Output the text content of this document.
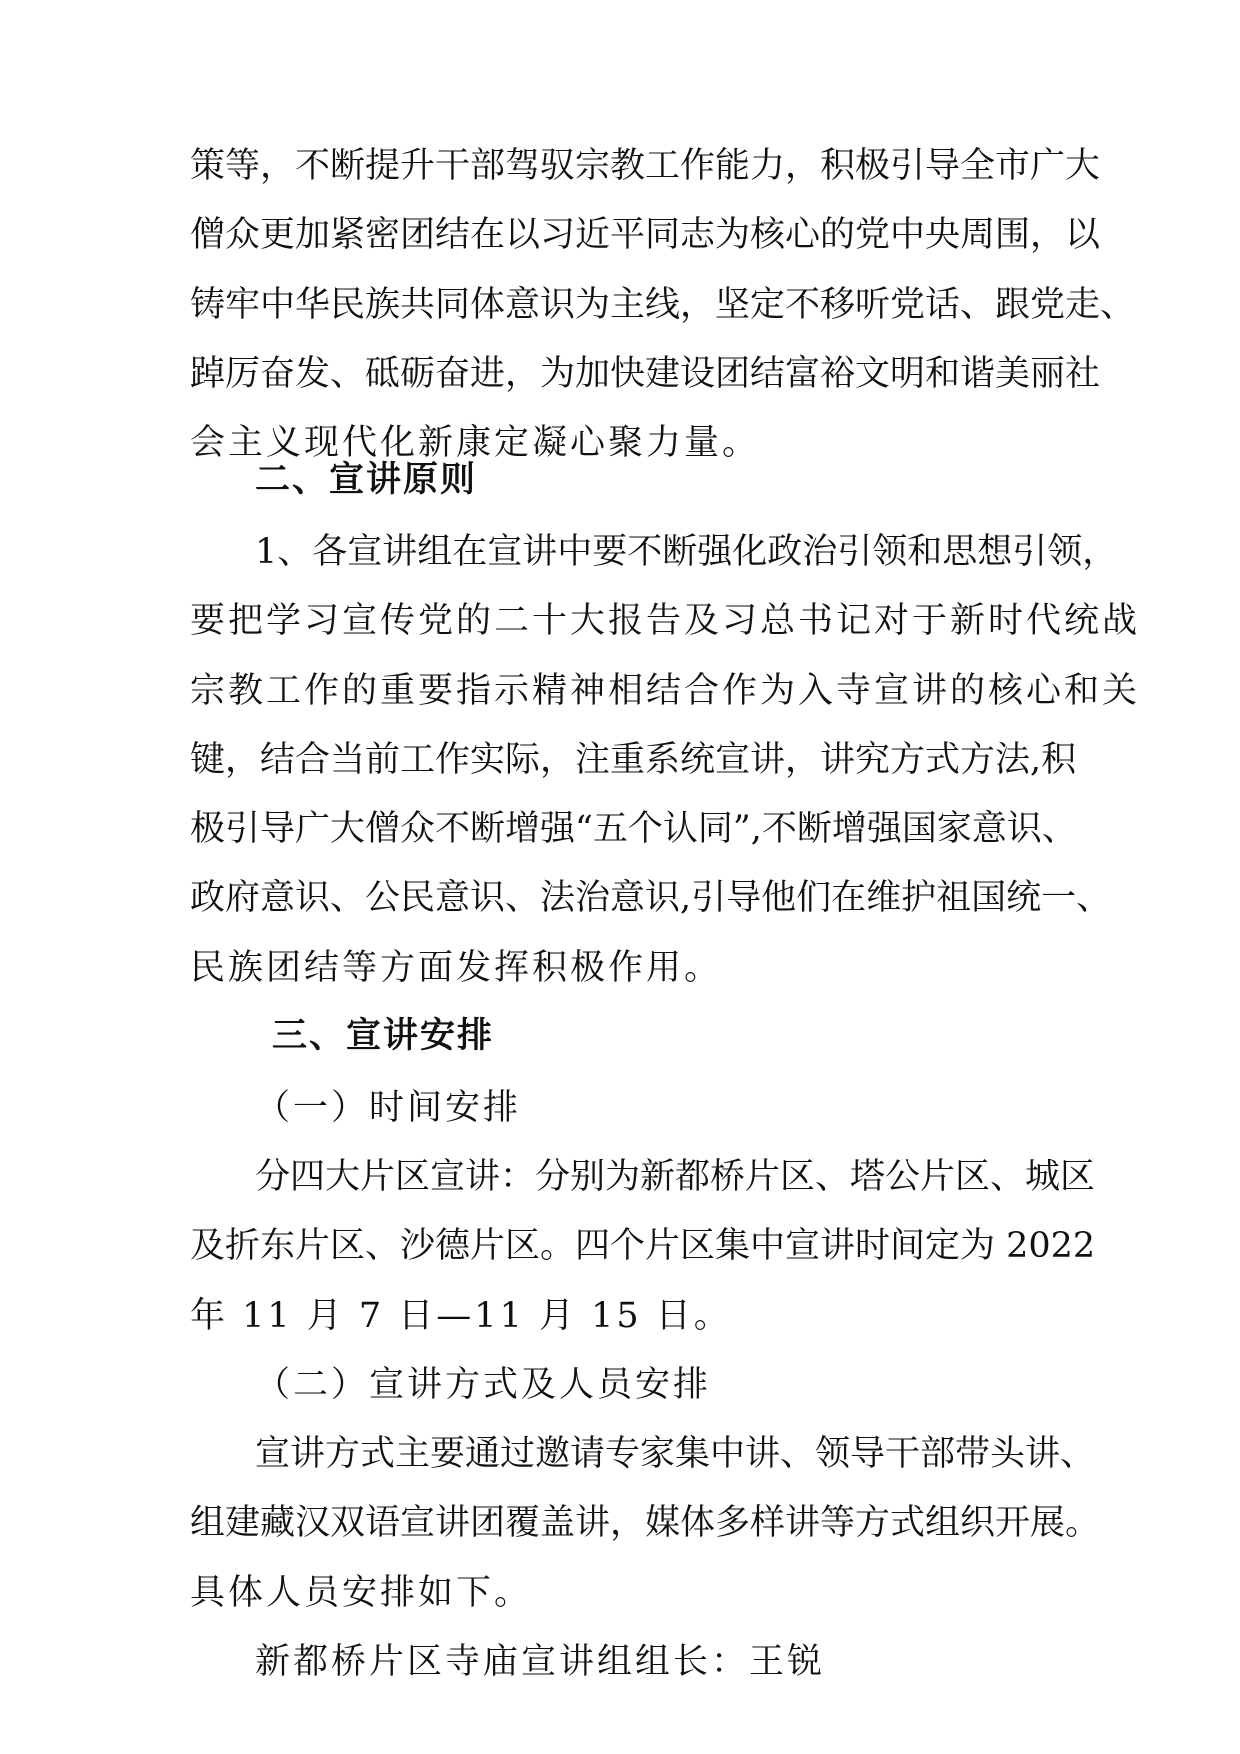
策等，不断提升干部驾驭宗教工作能力，积极引导全市广大
僧众更加紧密团结在以习近平同志为核心的党中央周围，以
铸牢中华民族共同体意识为主线，坚定不移听党话、跟党走、
踔厉奋发、砥砺奋进，为加快建设团结富裕文明和谐美丽社
会主义现代化新康定凝心聚力量。
二、宣讲原则
1、各宣讲组在宣讲中要不断强化政治引领和思想引领，
要把学习宣传党的二十大报告及习总书记对于新时代统战
宗教工作的重要指示精神相结合作为入寺宣讲的核心和关
键，结合当前工作实际，注重系统宣讲，讲究方式方法,积
极引导广大僧众不断增强“五个认同”,不断增强国家意识、
政府意识、公民意识、法治意识,引导他们在维护祖国统一、
民族团结等方面发挥积极作用。
三、宣讲安排
（一）时间安排
分四大片区宣讲：分别为新都桥片区、塔公片区、城区
及折东片区、沙德片区。四个片区集中宣讲时间定为 2022
年 11 月 7 日—11 月 15 日。
（二）宣讲方式及人员安排
宣讲方式主要通过邀请专家集中讲、领导干部带头讲、
组建藏汉双语宣讲团覆盖讲，媒体多样讲等方式组织开展。
具体人员安排如下。
新都桥片区寺庙宣讲组组长：王锐
